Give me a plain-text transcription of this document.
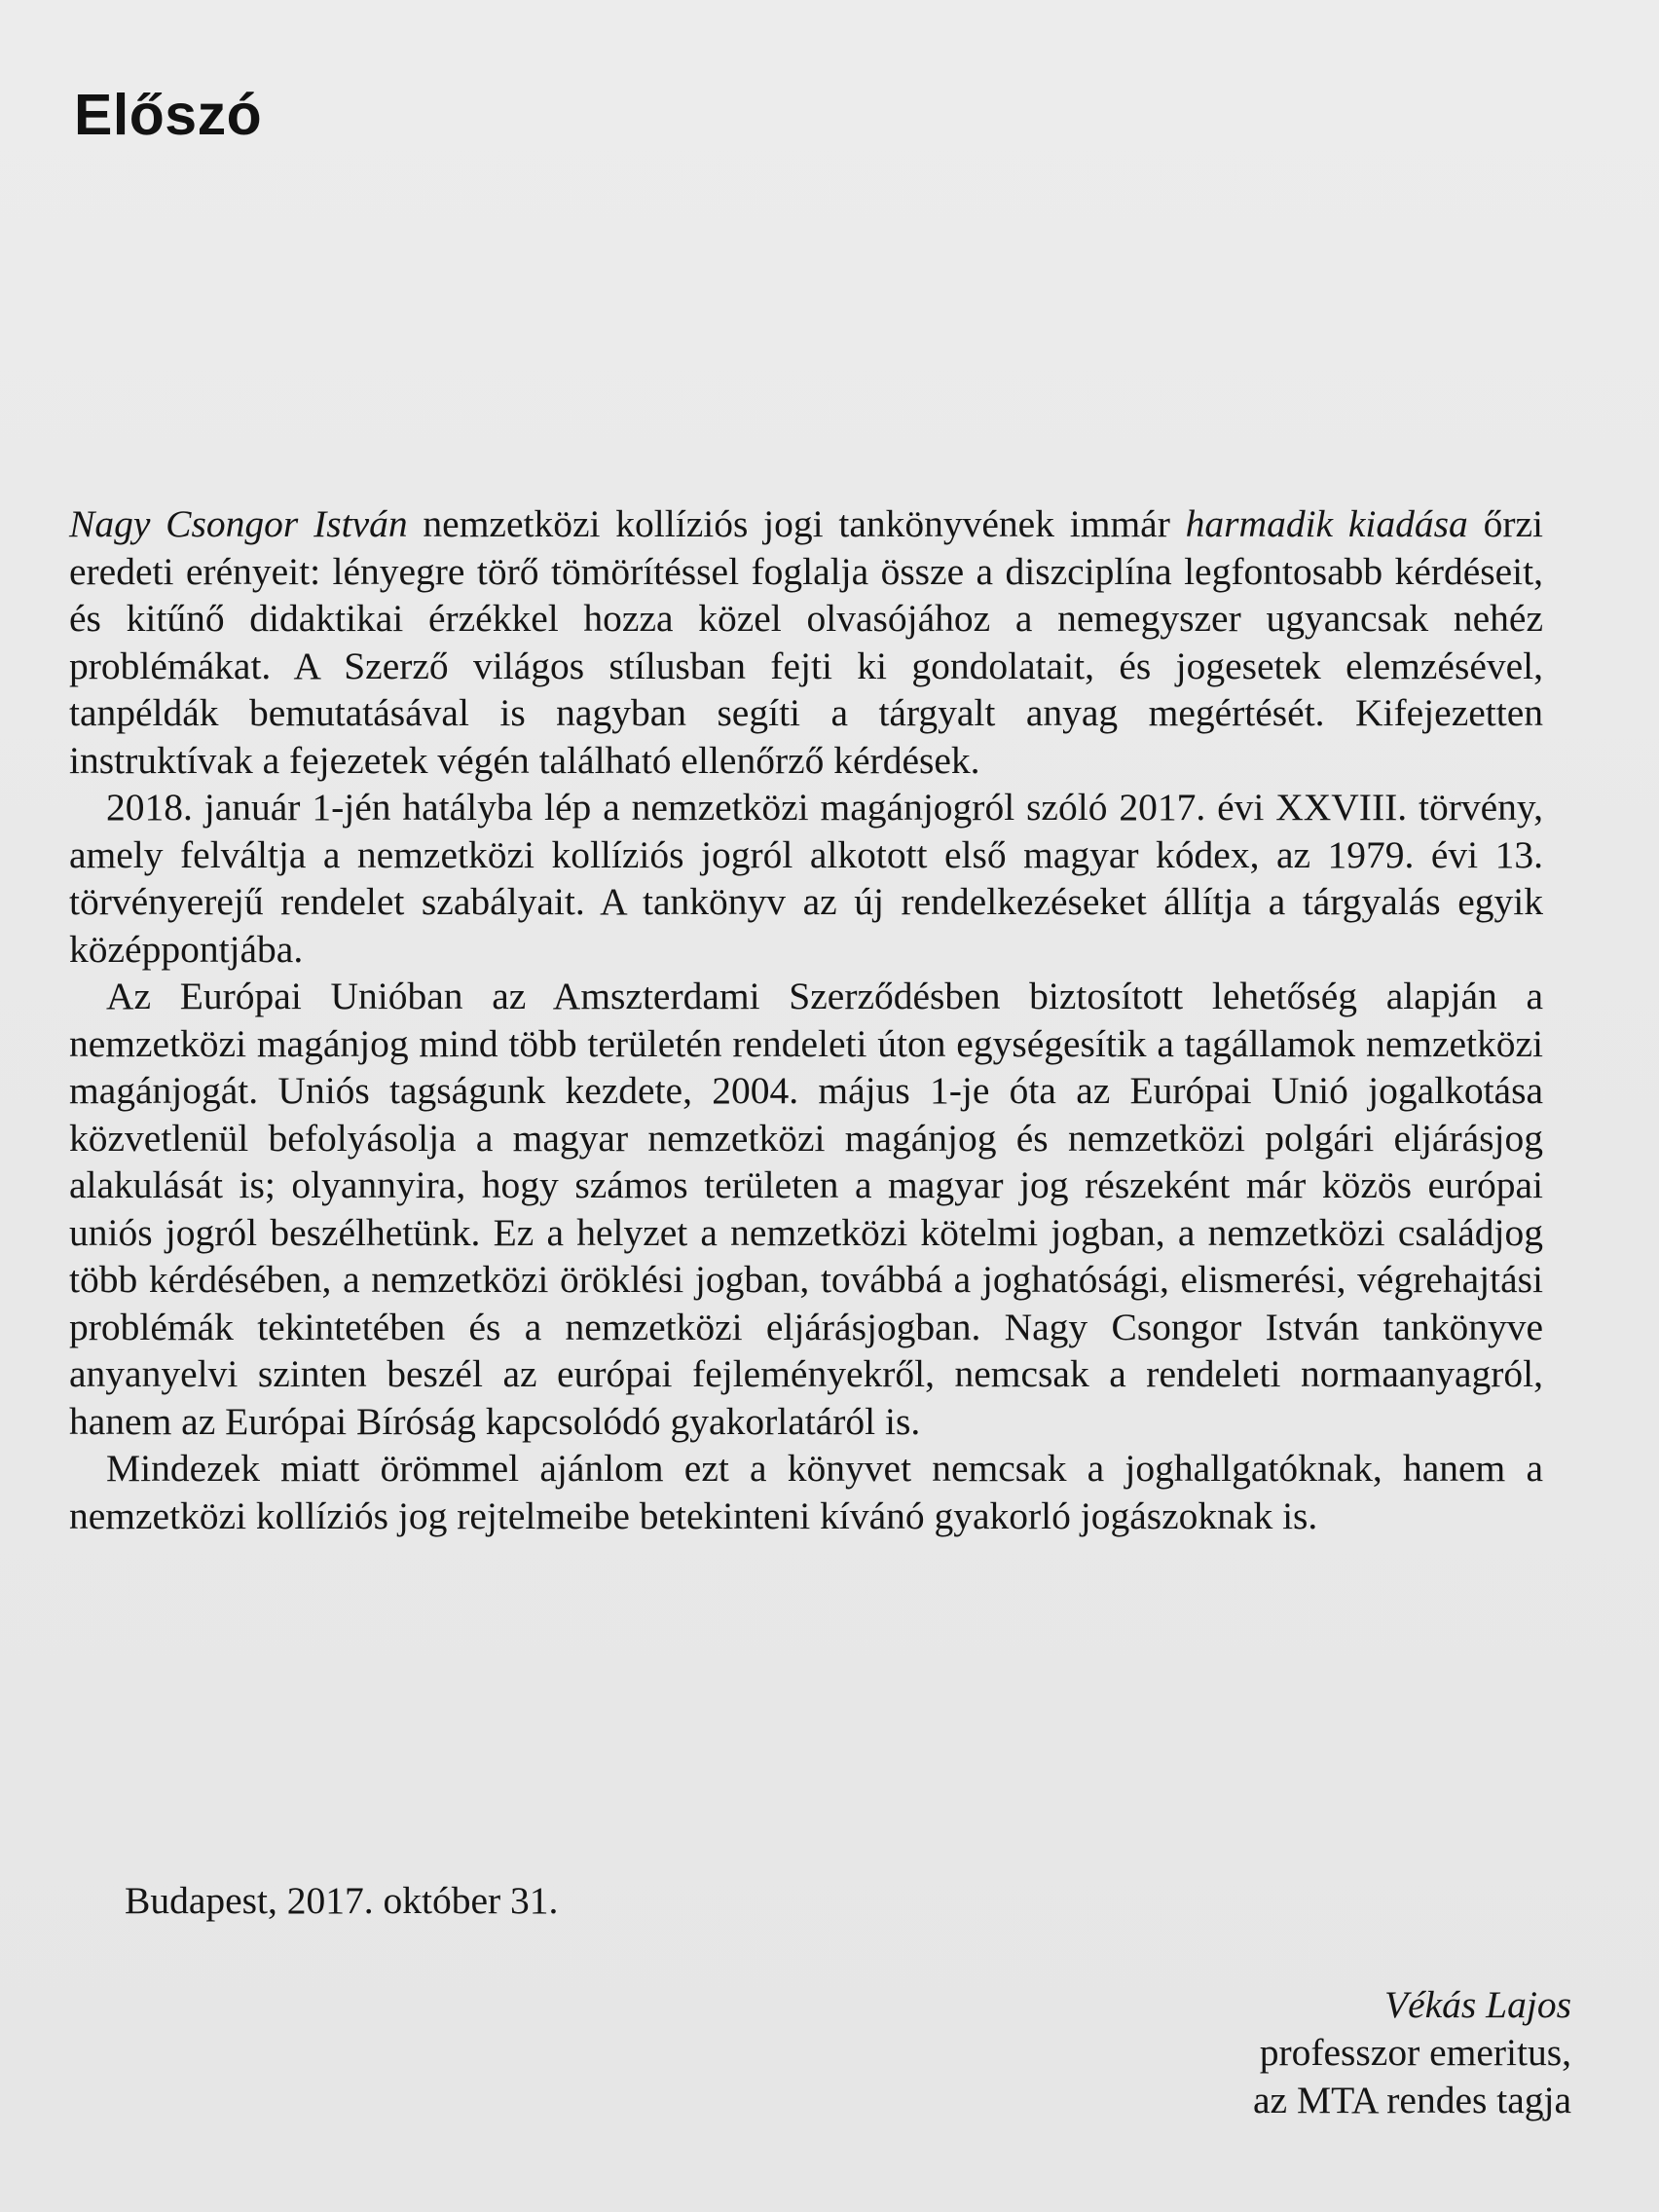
Előszó

Nagy Csongor István nemzetközi kollíziós jogi tankönyvének immár harmadik kiadása őrzi eredeti erényeit: lényegre törő tömörítéssel foglalja össze a diszciplína legfontosabb kérdéseit, és kitűnő didaktikai érzékkel hozza közel olvasójához a nemegyszer ugyancsak nehéz problémákat. A Szerző világos stílusban fejti ki gondolatait, és jogesetek elemzésével, tanpéldák bemutatásával is nagyban segíti a tárgyalt anyag megértését. Kifejezetten instruktívak a fejezetek végén található ellenőrző kérdések.

2018. január 1-jén hatályba lép a nemzetközi magánjogról szóló 2017. évi XXVIII. törvény, amely felváltja a nemzetközi kollíziós jogról alkotott első magyar kódex, az 1979. évi 13. törvényerejű rendelet szabályait. A tankönyv az új rendelkezéseket állítja a tárgyalás egyik középpontjába.

Az Európai Unióban az Amszterdami Szerződésben biztosított lehetőség alapján a nemzetközi magánjog mind több területén rendeleti úton egységesítik a tagállamok nemzetközi magánjogát. Uniós tagságunk kezdete, 2004. május 1-je óta az Európai Unió jogalkotása közvetlenül befolyásolja a magyar nemzetközi magánjog és nemzetközi polgári eljárásjog alakulását is; olyannyira, hogy számos területen a magyar jog részeként már közös európai uniós jogról beszélhetünk. Ez a helyzet a nemzetközi kötelmi jogban, a nemzetközi családjog több kérdésében, a nemzetközi öröklési jogban, továbbá a joghatósági, elismerési, végrehajtási problémák tekintetében és a nemzetközi eljárásjogban. Nagy Csongor István tankönyve anyanyelvi szinten beszél az európai fejleményekről, nemcsak a rendeleti normaanyagról, hanem az Európai Bíróság kapcsolódó gyakorlatáról is.

Mindezek miatt örömmel ajánlom ezt a könyvet nemcsak a joghallgatóknak, hanem a nemzetközi kollíziós jog rejtelmeibe betekinteni kívánó gyakorló jogászoknak is.

Budapest, 2017. október 31.

Vékás Lajos
professzor emeritus,
az MTA rendes tagja
